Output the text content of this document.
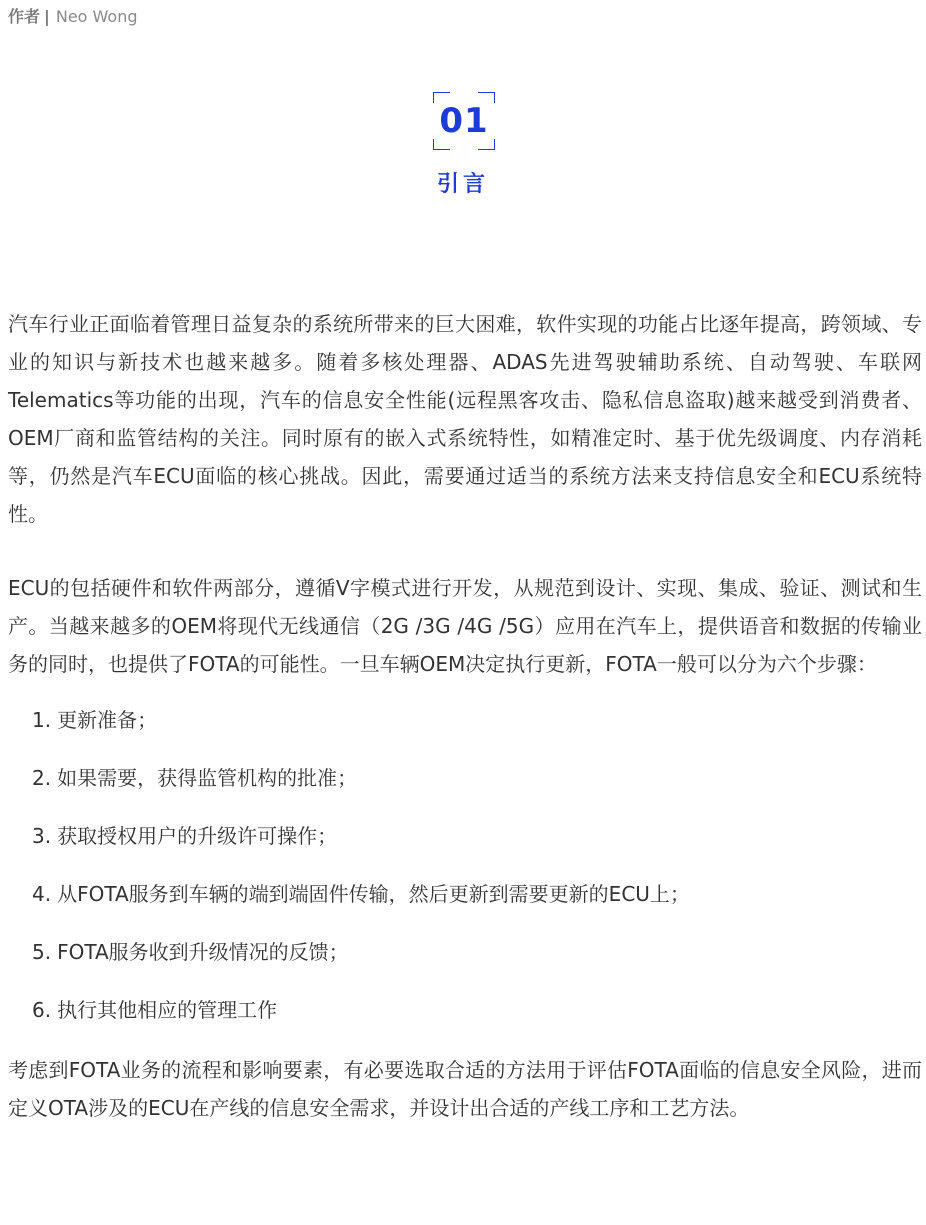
作者 | Neo Wong
01
引言

汽车行业正面临着管理日益复杂的系统所带来的巨大困难，软件实现的功能占比逐年提高，跨领域、专业的知识与新技术也越来越多。随着多核处理器、ADAS先进驾驶辅助系统、自动驾驶、车联网Telematics等功能的出现，汽车的信息安全性能(远程黑客攻击、隐私信息盗取)越来越受到消费者、OEM厂商和监管结构的关注。同时原有的嵌入式系统特性，如精准定时、基于优先级调度、内存消耗等，仍然是汽车ECU面临的核心挑战。因此，需要通过适当的系统方法来支持信息安全和ECU系统特性。

ECU的包括硬件和软件两部分，遵循V字模式进行开发，从规范到设计、实现、集成、验证、测试和生产。当越来越多的OEM将现代无线通信（2G /3G /4G /5G）应用在汽车上，提供语音和数据的传输业务的同时，也提供了FOTA的可能性。一旦车辆OEM决定执行更新，FOTA一般可以分为六个步骤：

1. 更新准备；
2. 如果需要，获得监管机构的批准；
3. 获取授权用户的升级许可操作；
4. 从FOTA服务到车辆的端到端固件传输，然后更新到需要更新的ECU上；
5. FOTA服务收到升级情况的反馈；
6. 执行其他相应的管理工作

考虑到FOTA业务的流程和影响要素，有必要选取合适的方法用于评估FOTA面临的信息安全风险，进而定义OTA涉及的ECU在产线的信息安全需求，并设计出合适的产线工序和工艺方法。
